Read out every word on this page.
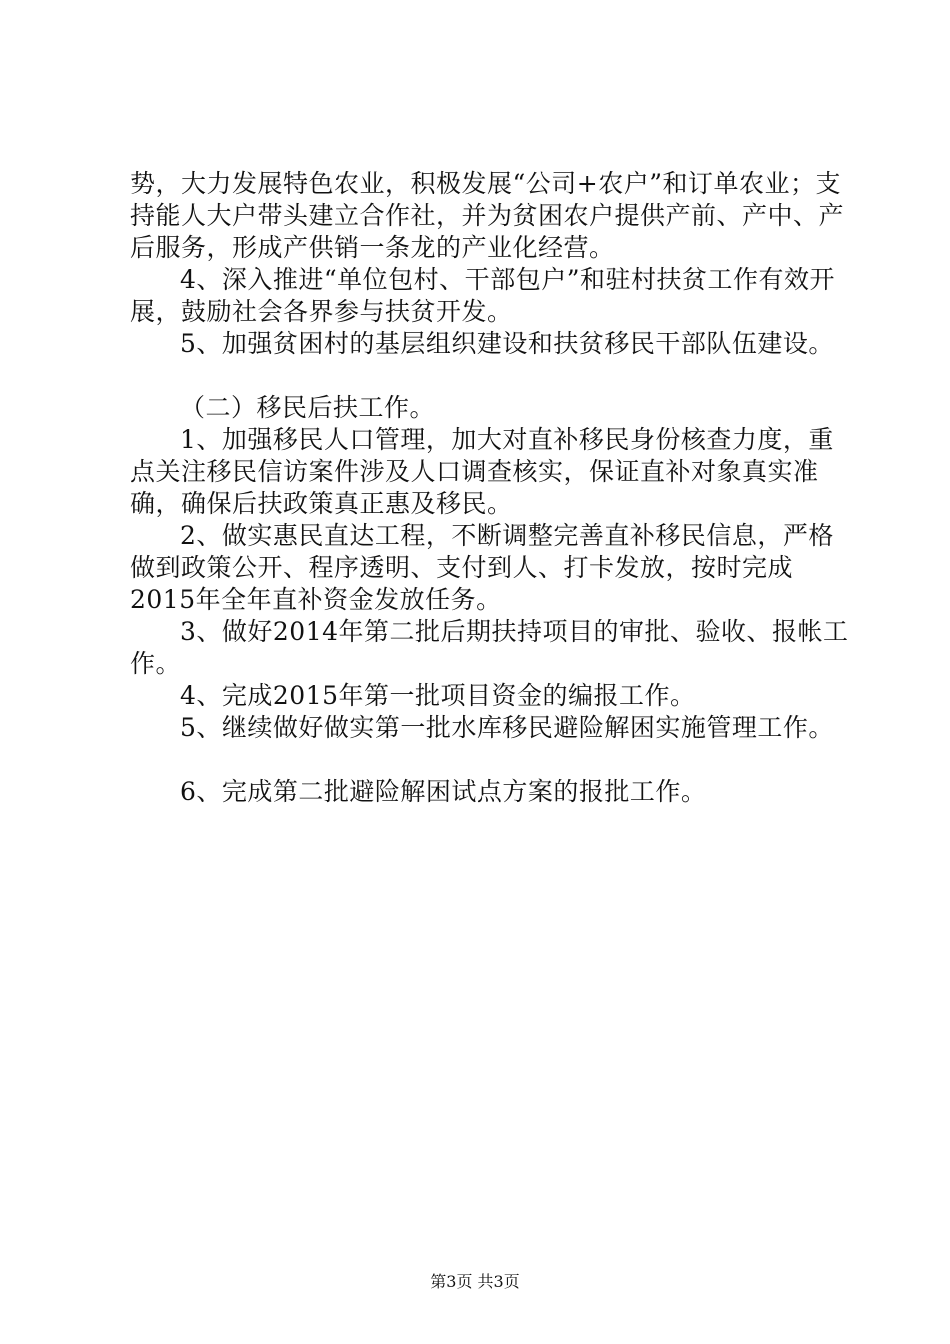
势，大力发展特色农业，积极发展“公司+农户”和订单农业；支持能人大户带头建立合作社，并为贫困农户提供产前、产中、产后服务，形成产供销一条龙的产业化经营。

4、深入推进“单位包村、干部包户”和驻村扶贫工作有效开展，鼓励社会各界参与扶贫开发。

5、加强贫困村的基层组织建设和扶贫移民干部队伍建设。

（二）移民后扶工作。

1、加强移民人口管理，加大对直补移民身份核查力度，重点关注移民信访案件涉及人口调查核实，保证直补对象真实准确，确保后扶政策真正惠及移民。

2、做实惠民直达工程，不断调整完善直补移民信息，严格做到政策公开、程序透明、支付到人、打卡发放，按时完成2015年全年直补资金发放任务。

3、做好2014年第二批后期扶持项目的审批、验收、报帐工作。

4、完成2015年第一批项目资金的编报工作。

5、继续做好做实第一批水库移民避险解困实施管理工作。

6、完成第二批避险解困试点方案的报批工作。

第3页 共3页
